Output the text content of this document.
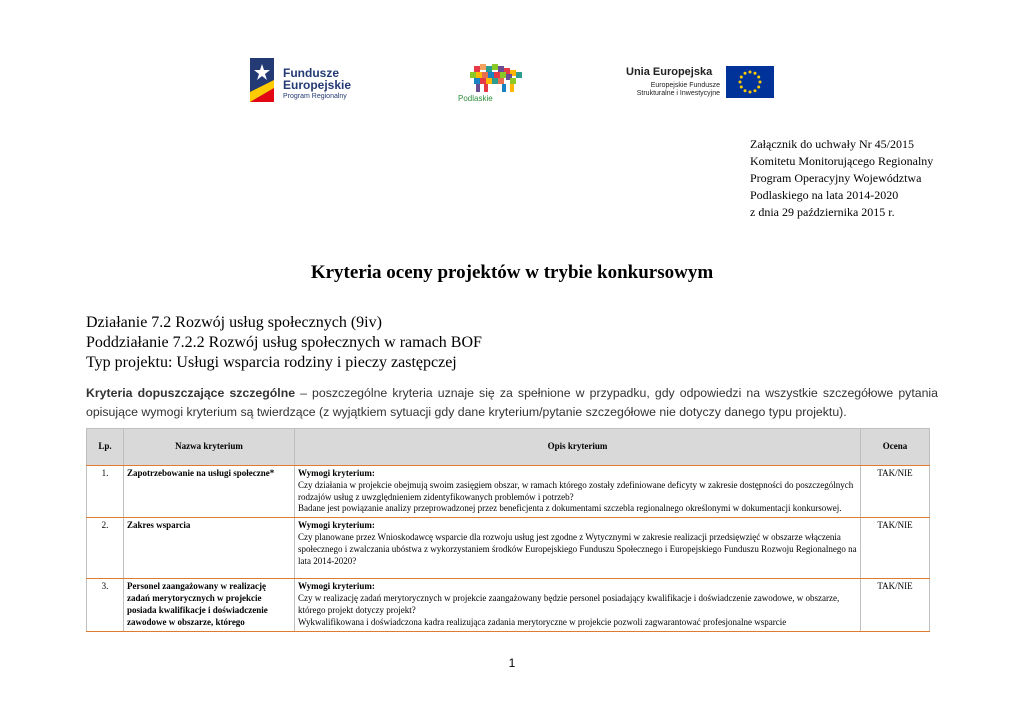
Fundusze
Europejskie
Program Regionalny	Podlaskie
Unia Europejska
Europejskie Fundusze
Strukturalne i Inwestycyjne
Załącznik do uchwały Nr 45/2015
Komitetu Monitorującego Regionalny
Program Operacyjny Województwa
Podlaskiego na lata 2014-2020
z dnia 29 października 2015 r.
Kryteria oceny projektów w trybie konkursowym
Działanie 7.2 Rozwój usług społecznych (9iv)
Poddziałanie 7.2.2 Rozwój usług społecznych w ramach BOF
Typ projektu: Usługi wsparcia rodziny i pieczy zastępczej
Kryteria dopuszczające szczególne – poszczególne kryteria uznaje się za spełnione w przypadku, gdy odpowiedzi na wszystkie szczegółowe pytania opisujące wymogi kryterium są twierdzące (z wyjątkiem sytuacji gdy dane kryterium/pytanie szczegółowe nie dotyczy danego typu projektu).
Lp.	Nazwa kryterium	Opis kryterium	Ocena
1.	Zapotrzebowanie na usługi społeczne*	Wymogi kryterium:
Czy działania w projekcie obejmują swoim zasięgiem obszar, w ramach którego zostały zdefiniowane deficyty w zakresie dostępności do poszczególnych rodzajów usług z uwzględnieniem zidentyfikowanych problemów i potrzeb?
Badane jest powiązanie analizy przeprowadzonej przez beneficjenta z dokumentami szczebla regionalnego określonymi w dokumentacji konkursowej.	TAK/NIE
2.	Zakres wsparcia	Wymogi kryterium:
Czy planowane przez Wnioskodawcę wsparcie dla rozwoju usług jest zgodne z Wytycznymi w zakresie realizacji przedsięwzięć w obszarze włączenia społecznego i zwalczania ubóstwa z wykorzystaniem środków Europejskiego Funduszu Społecznego i Europejskiego Funduszu Rozwoju Regionalnego na lata 2014-2020?	TAK/NIE
3.	Personel zaangażowany w realizację zadań merytorycznych w projekcie posiada kwalifikacje i doświadczenie zawodowe w obszarze, którego	Wymogi kryterium:
Czy w realizację zadań merytorycznych w projekcie zaangażowany będzie personel posiadający kwalifikacje i doświadczenie zawodowe, w obszarze, którego projekt dotyczy projekt?
Wykwalifikowana i doświadczona kadra realizująca zadania merytoryczne w projekcie pozwoli zagwarantować profesjonalne wsparcie	TAK/NIE
1
